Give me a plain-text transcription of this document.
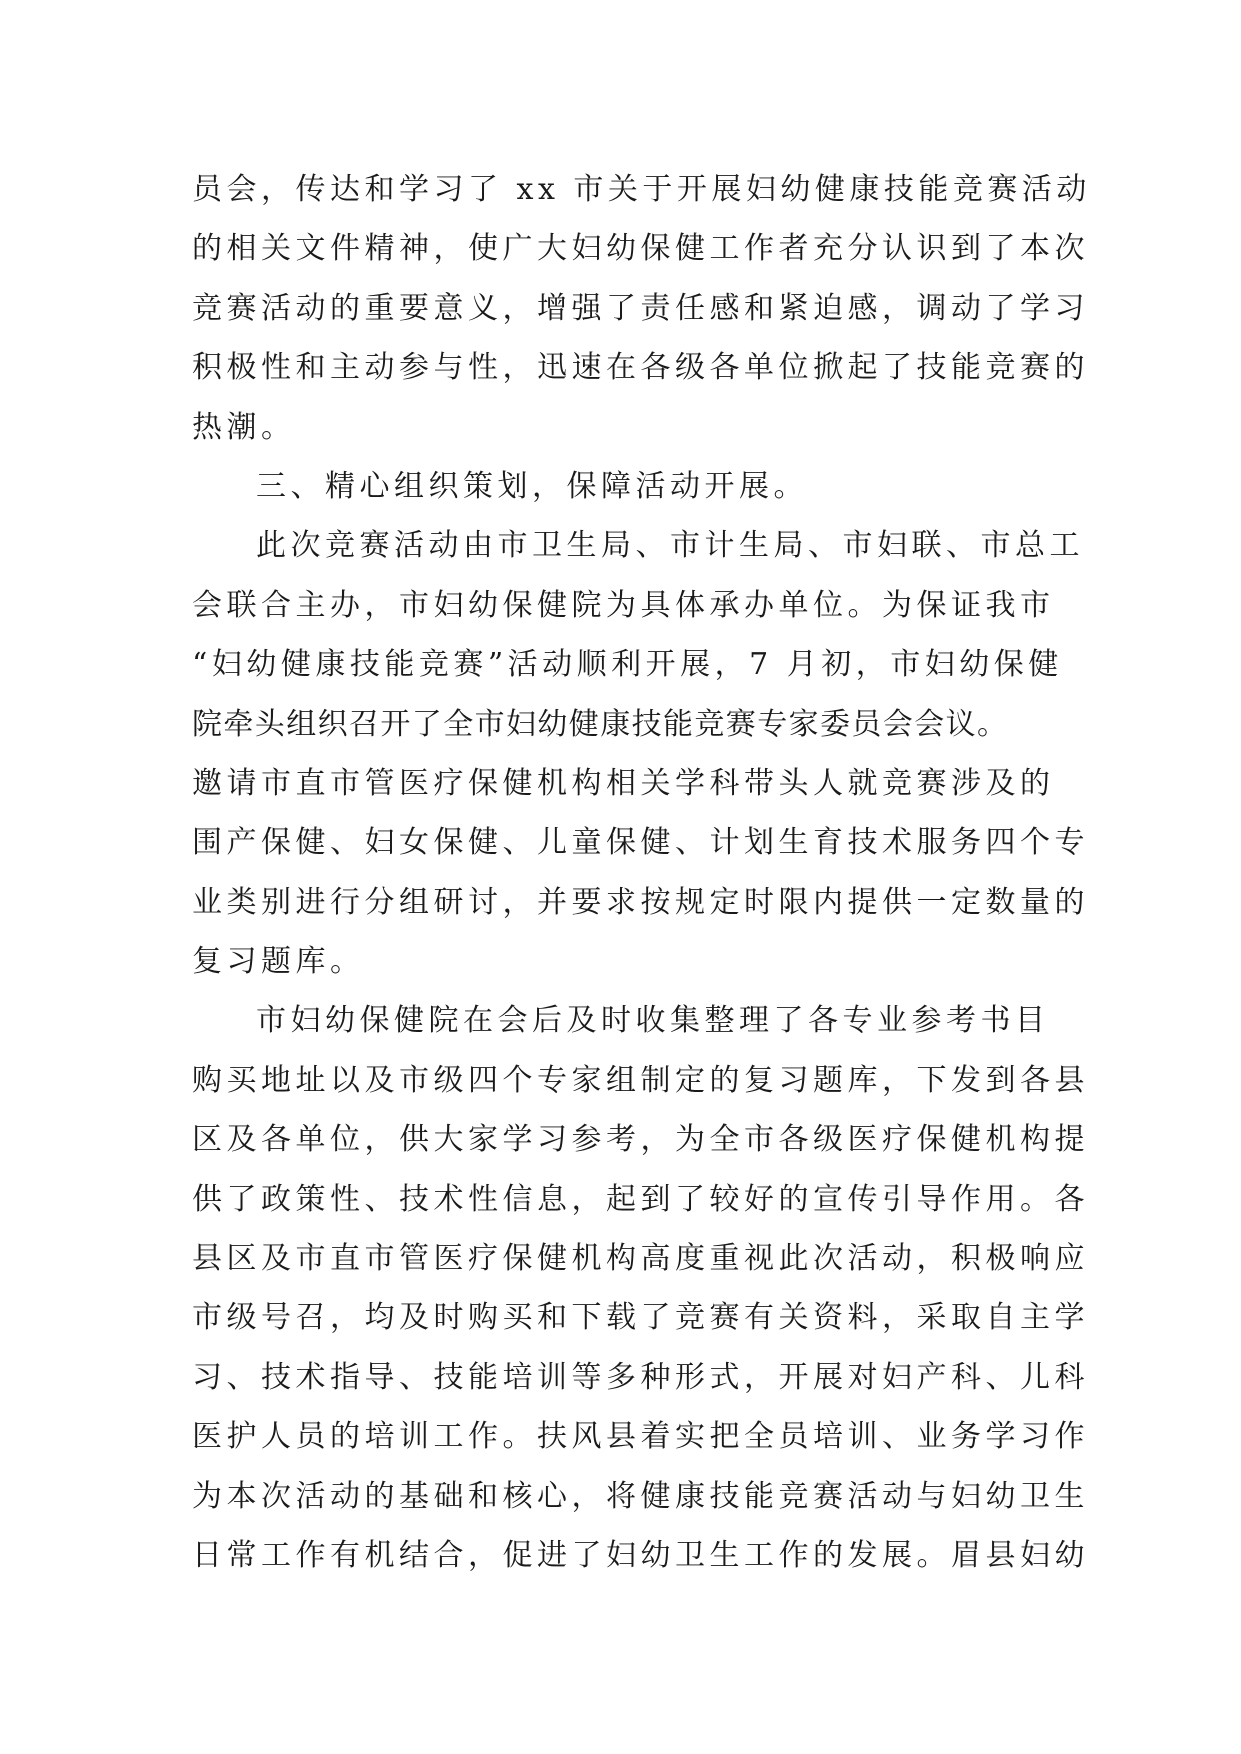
员会，传达和学习了 xx 市关于开展妇幼健康技能竞赛活动
的相关文件精神，使广大妇幼保健工作者充分认识到了本次
竞赛活动的重要意义，增强了责任感和紧迫感，调动了学习
积极性和主动参与性，迅速在各级各单位掀起了技能竞赛的
热潮。
三、精心组织策划，保障活动开展。
此次竞赛活动由市卫生局、市计生局、市妇联、市总工
会联合主办，市妇幼保健院为具体承办单位。为保证我市
“妇幼健康技能竞赛”活动顺利开展，7 月初，市妇幼保健
院牵头组织召开了全市妇幼健康技能竞赛专家委员会会议。
邀请市直市管医疗保健机构相关学科带头人就竞赛涉及的
围产保健、妇女保健、儿童保健、计划生育技术服务四个专
业类别进行分组研讨，并要求按规定时限内提供一定数量的
复习题库。
市妇幼保健院在会后及时收集整理了各专业参考书目
购买地址以及市级四个专家组制定的复习题库，下发到各县
区及各单位，供大家学习参考，为全市各级医疗保健机构提
供了政策性、技术性信息，起到了较好的宣传引导作用。各
县区及市直市管医疗保健机构高度重视此次活动，积极响应
市级号召，均及时购买和下载了竞赛有关资料，采取自主学
习、技术指导、技能培训等多种形式，开展对妇产科、儿科
医护人员的培训工作。扶风县着实把全员培训、业务学习作
为本次活动的基础和核心，将健康技能竞赛活动与妇幼卫生
日常工作有机结合，促进了妇幼卫生工作的发展。眉县妇幼
